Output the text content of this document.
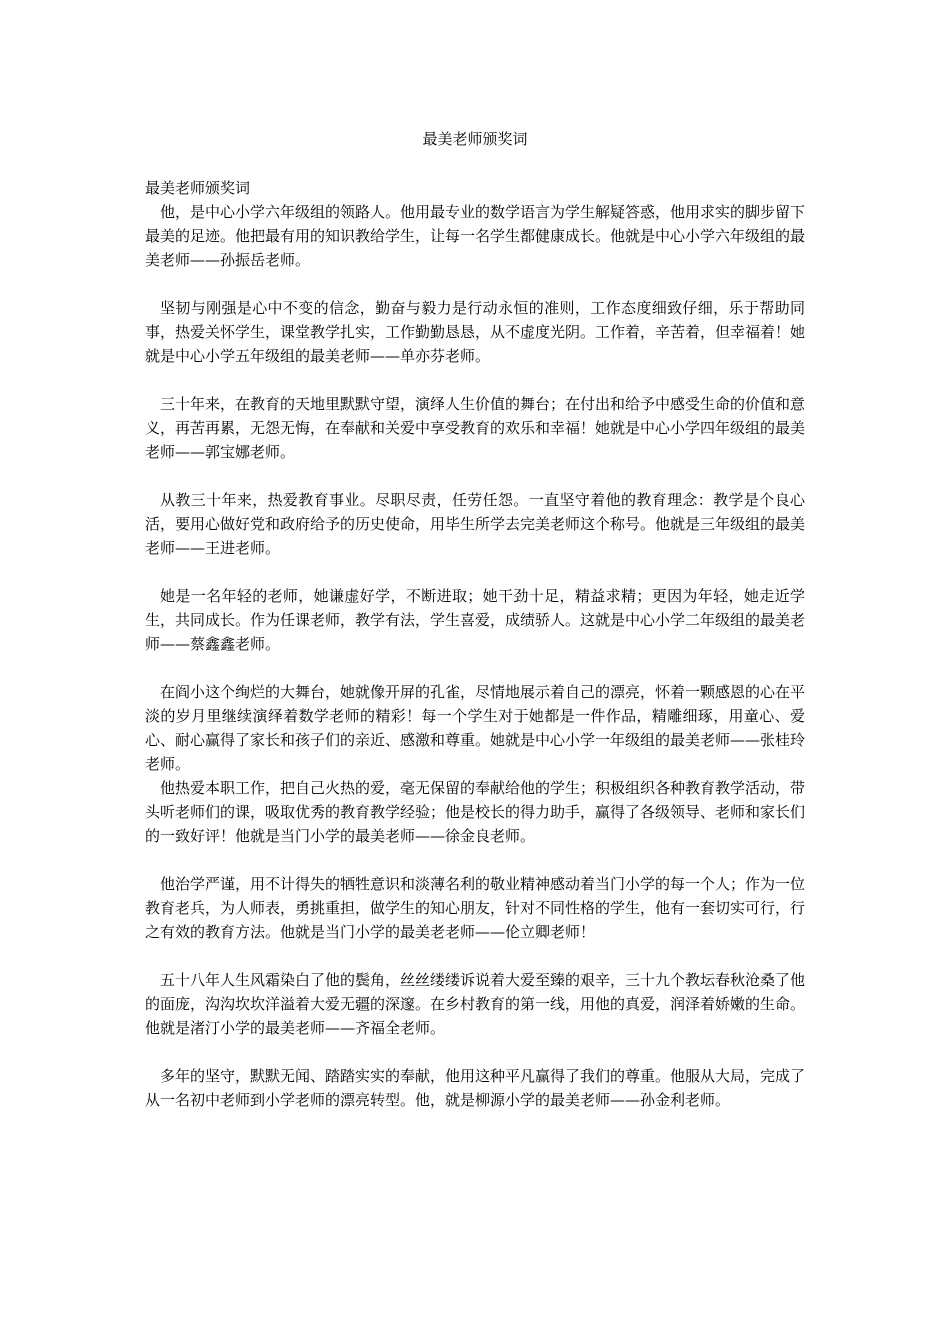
最美老师颁奖词

最美老师颁奖词

他，是中心小学六年级组的领路人。他用最专业的数学语言为学生解疑答惑，他用求实的脚步留下最美的足迹。他把最有用的知识教给学生，让每一名学生都健康成长。他就是中心小学六年级组的最美老师——孙振岳老师。

坚韧与刚强是心中不变的信念，勤奋与毅力是行动永恒的准则，工作态度细致仔细，乐于帮助同事，热爱关怀学生，课堂教学扎实，工作勤勤恳恳，从不虚度光阴。工作着，辛苦着，但幸福着！她就是中心小学五年级组的最美老师——单亦芬老师。

三十年来，在教育的天地里默默守望，演绎人生价值的舞台；在付出和给予中感受生命的价值和意义，再苦再累，无怨无悔，在奉献和关爱中享受教育的欢乐和幸福！她就是中心小学四年级组的最美老师——郭宝娜老师。

从教三十年来，热爱教育事业。尽职尽责，任劳任怨。一直坚守着他的教育理念：教学是个良心活，要用心做好党和政府给予的历史使命，用毕生所学去完美老师这个称号。他就是三年级组的最美老师——王进老师。

她是一名年轻的老师，她谦虚好学，不断进取；她干劲十足，精益求精；更因为年轻，她走近学生，共同成长。作为任课老师，教学有法，学生喜爱，成绩骄人。这就是中心小学二年级组的最美老师——蔡鑫鑫老师。

在阎小这个绚烂的大舞台，她就像开屏的孔雀，尽情地展示着自己的漂亮，怀着一颗感恩的心在平淡的岁月里继续演绎着数学老师的精彩！每一个学生对于她都是一件作品，精雕细琢，用童心、爱心、耐心赢得了家长和孩子们的亲近、感激和尊重。她就是中心小学一年级组的最美老师——张桂玲老师。

他热爱本职工作，把自己火热的爱，毫无保留的奉献给他的学生；积极组织各种教育教学活动，带头听老师们的课，吸取优秀的教育教学经验；他是校长的得力助手，赢得了各级领导、老师和家长们的一致好评！他就是当门小学的最美老师——徐金良老师。

他治学严谨，用不计得失的牺牲意识和淡薄名利的敬业精神感动着当门小学的每一个人；作为一位教育老兵，为人师表，勇挑重担，做学生的知心朋友，针对不同性格的学生，他有一套切实可行，行之有效的教育方法。他就是当门小学的最美老老师——伦立卿老师！

五十八年人生风霜染白了他的鬓角，丝丝缕缕诉说着大爱至臻的艰辛，三十九个教坛春秋沧桑了他的面庞，沟沟坎坎洋溢着大爱无疆的深邃。在乡村教育的第一线，用他的真爱，润泽着娇嫩的生命。他就是渚汀小学的最美老师——齐福全老师。

多年的坚守，默默无闻、踏踏实实的奉献，他用这种平凡赢得了我们的尊重。他服从大局，完成了从一名初中老师到小学老师的漂亮转型。他，就是柳源小学的最美老师——孙金利老师。
